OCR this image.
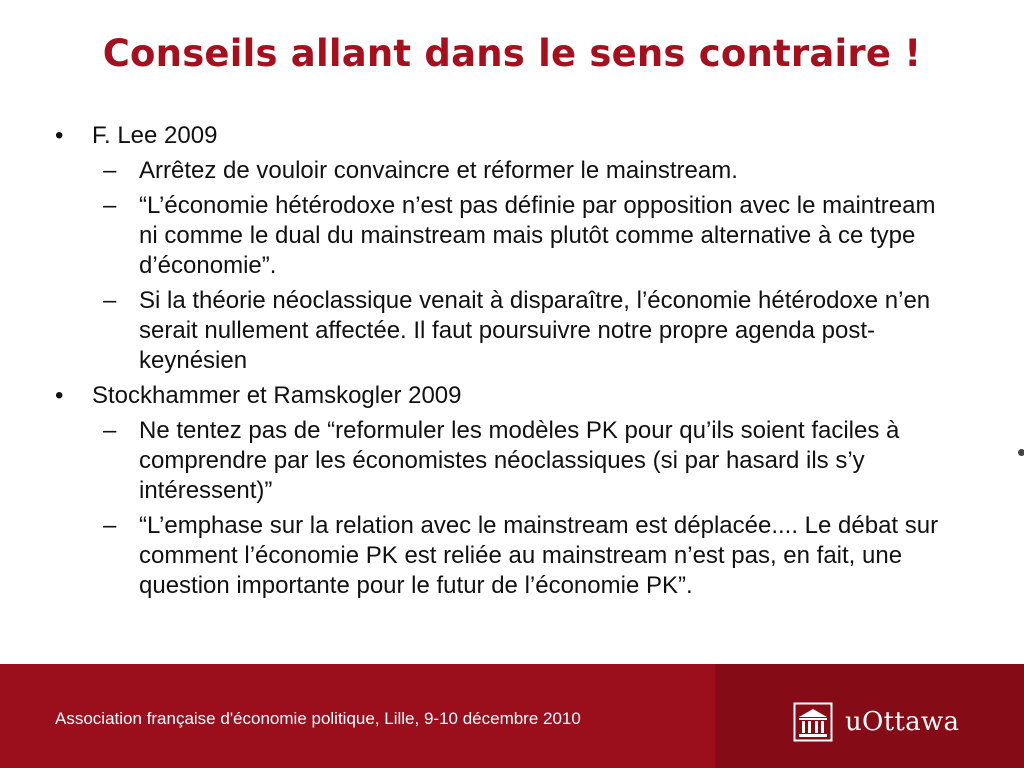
Conseils allant dans le sens contraire !
• F. Lee 2009
– Arrêtez de vouloir convaincre et réformer le mainstream.
– “L’économie hétérodoxe n’est pas définie par opposition avec le maintream ni comme le dual du mainstream mais plutôt comme alternative à ce type d’économie”.
– Si la théorie néoclassique venait à disparaître, l’économie hétérodoxe n’en serait nullement affectée. Il faut poursuivre notre propre agenda post-keynésien
• Stockhammer et Ramskogler 2009
– Ne tentez pas de “reformuler les modèles PK pour qu’ils soient faciles à comprendre par les économistes néoclassiques (si par hasard ils s’y intéressent)”
– “L’emphase sur la relation avec le mainstream est déplacée.... Le débat sur comment l’économie PK est reliée au mainstream n’est pas, en fait, une question importante pour le futur de l’économie PK”.
Association française d'économie politique, Lille, 9-10 décembre 2010	uOttawa
